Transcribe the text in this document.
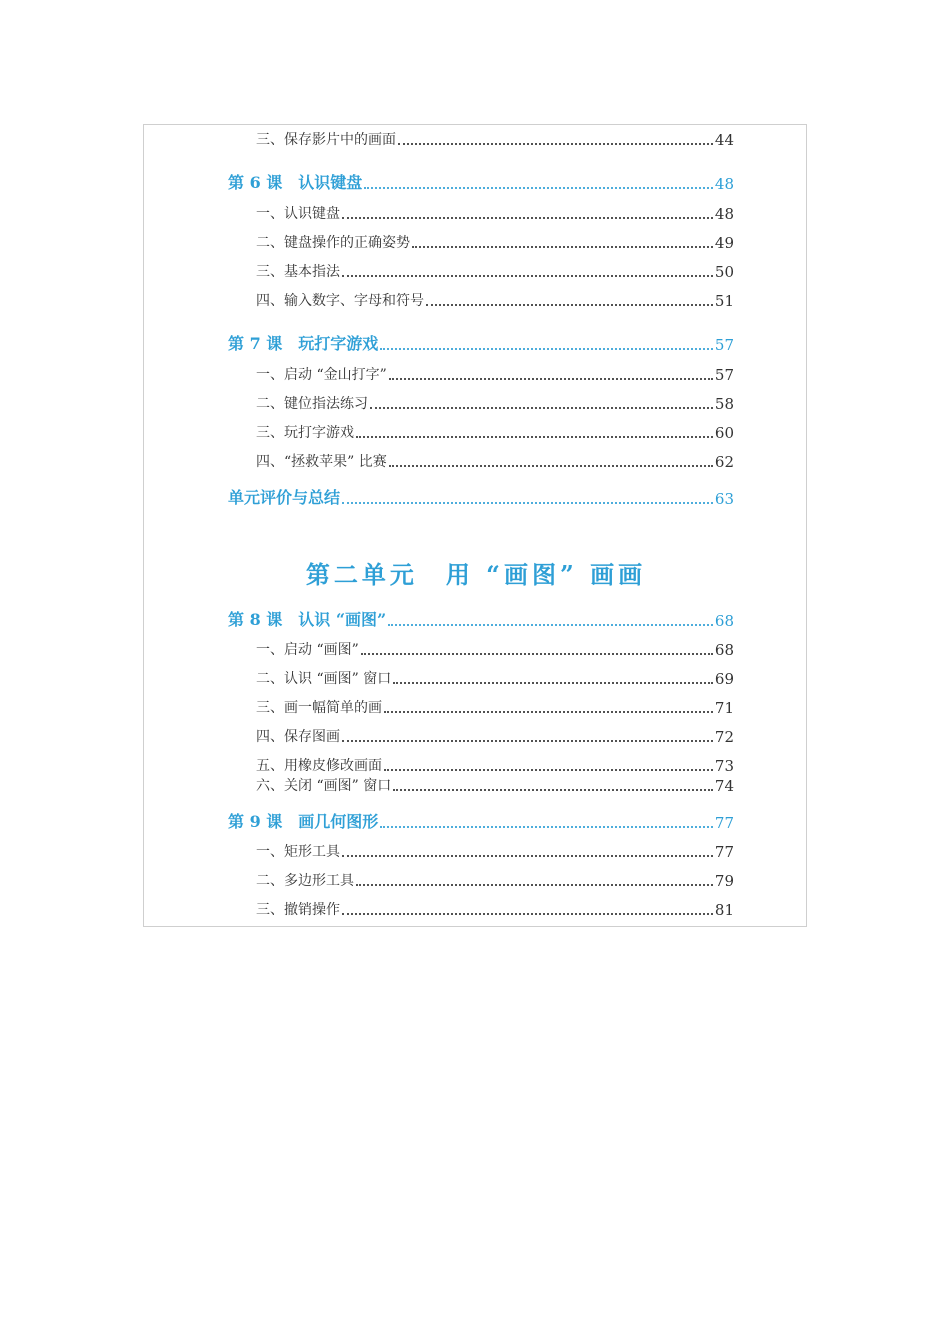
三、保存影片中的画面	44
第 6 课 认识键盘	48
一、认识键盘	48
二、键盘操作的正确姿势	49
三、基本指法	50
四、输入数字、字母和符号	51
第 7 课 玩打字游戏	57
一、启动 “金山打字”	57
二、键位指法练习	58
三、玩打字游戏	60
四、“拯救苹果” 比赛	62
单元评价与总结	63
第二单元 用 “画图” 画画
第 8 课 认识 “画图”	68
一、启动 “画图”	68
二、认识 “画图” 窗口	69
三、画一幅简单的画	71
四、保存图画	72
五、用橡皮修改画面	73
六、关闭 “画图” 窗口	74
第 9 课 画几何图形	77
一、矩形工具	77
二、多边形工具	79
三、撤销操作	81
